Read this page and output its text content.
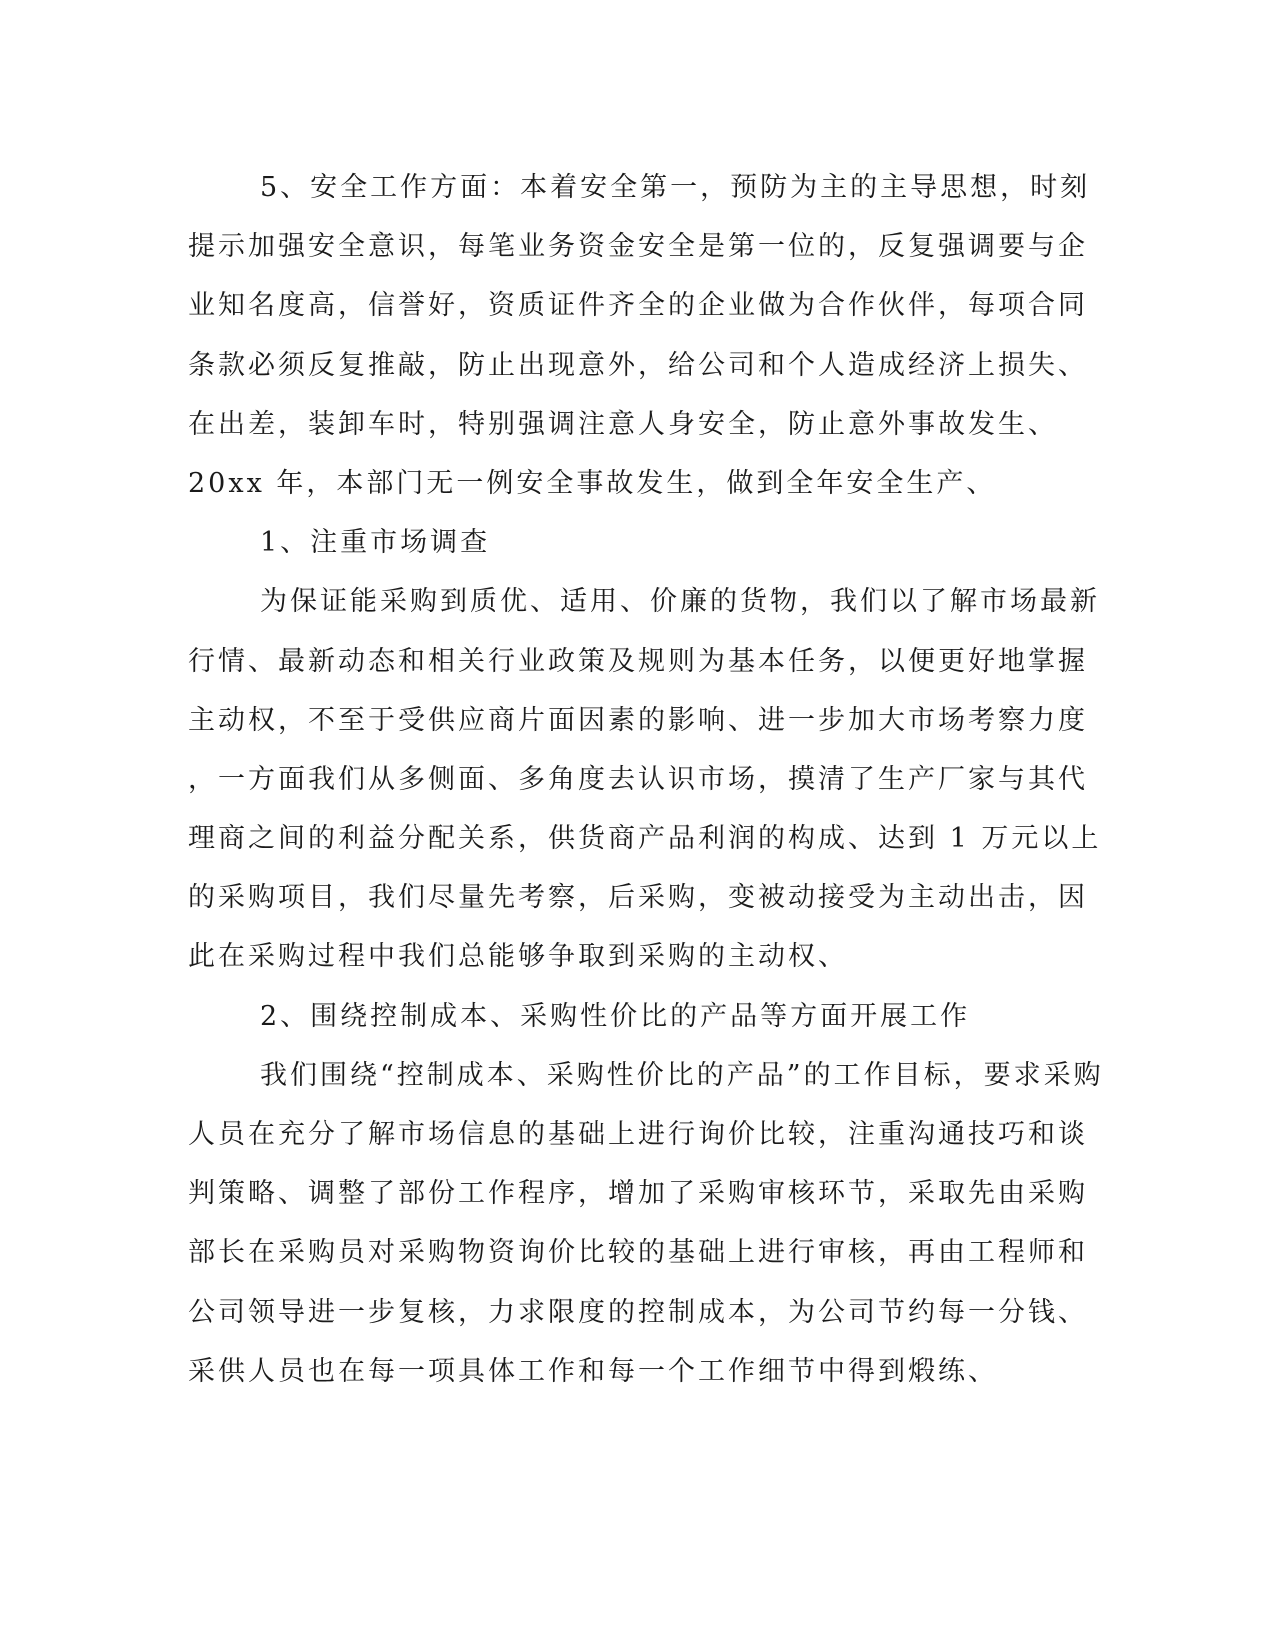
5、安全工作方面：本着安全第一，预防为主的主导思想，时刻
提示加强安全意识，每笔业务资金安全是第一位的，反复强调要与企
业知名度高，信誉好，资质证件齐全的企业做为合作伙伴，每项合同
条款必须反复推敲，防止出现意外，给公司和个人造成经济上损失、
在出差，装卸车时，特别强调注意人身安全，防止意外事故发生、
20xx 年，本部门无一例安全事故发生，做到全年安全生产、
1、注重市场调查
为保证能采购到质优、适用、价廉的货物，我们以了解市场最新
行情、最新动态和相关行业政策及规则为基本任务，以便更好地掌握
主动权，不至于受供应商片面因素的影响、进一步加大市场考察力度
，一方面我们从多侧面、多角度去认识市场，摸清了生产厂家与其代
理商之间的利益分配关系，供货商产品利润的构成、达到 1 万元以上
的采购项目，我们尽量先考察，后采购，变被动接受为主动出击，因
此在采购过程中我们总能够争取到采购的主动权、
2、围绕控制成本、采购性价比的产品等方面开展工作
我们围绕“控制成本、采购性价比的产品”的工作目标，要求采购
人员在充分了解市场信息的基础上进行询价比较，注重沟通技巧和谈
判策略、调整了部份工作程序，增加了采购审核环节，采取先由采购
部长在采购员对采购物资询价比较的基础上进行审核，再由工程师和
公司领导进一步复核，力求限度的控制成本，为公司节约每一分钱、
采供人员也在每一项具体工作和每一个工作细节中得到煅练、
